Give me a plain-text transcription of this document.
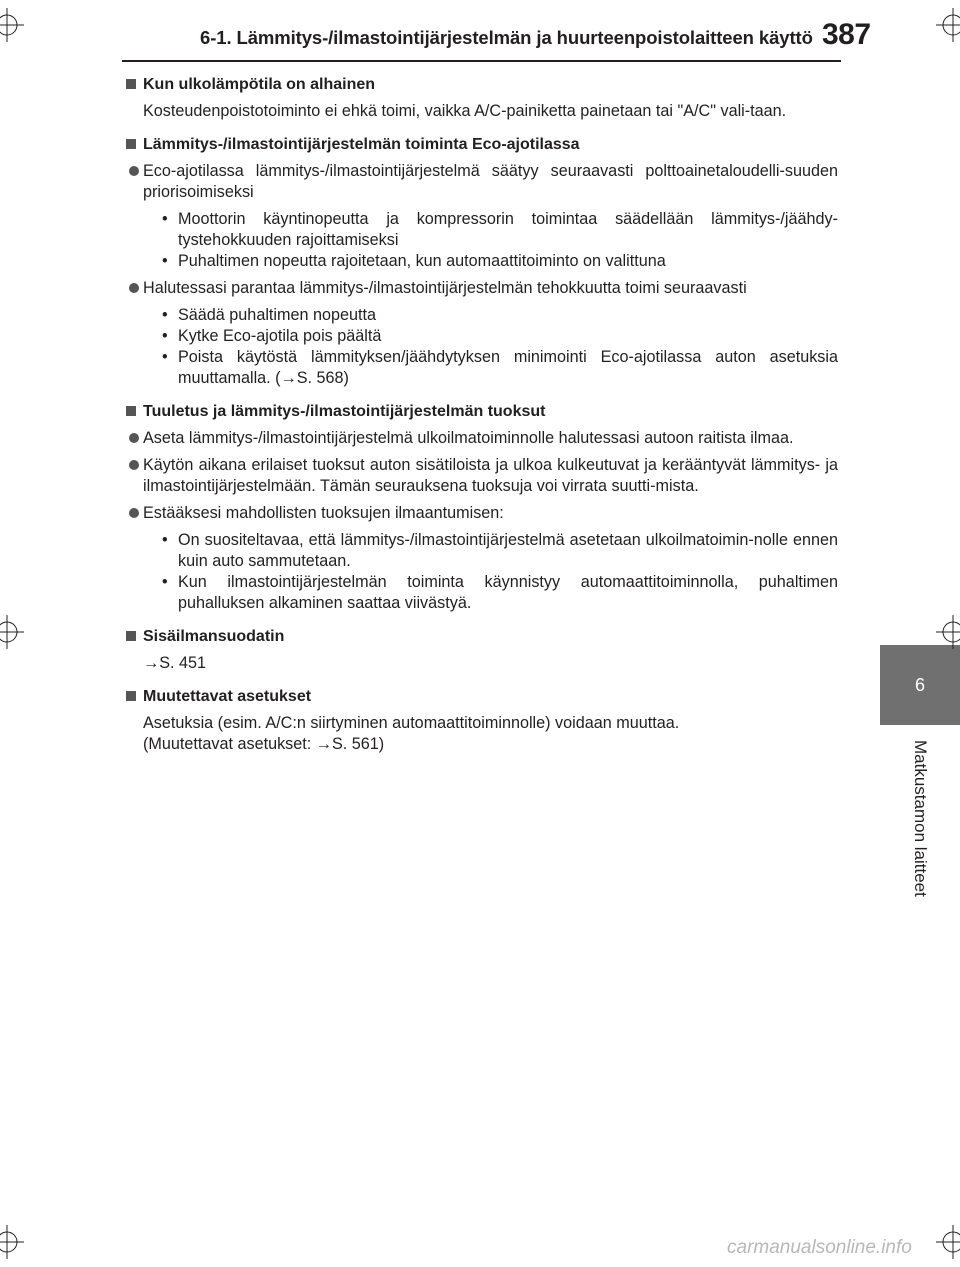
6-1. Lämmitys-/ilmastointijärjestelmän ja huurteenpoistolaitteen käyttö 387
6
Matkustamon laitteet
Kun ulkolämpötila on alhainen
Kosteudenpoistotoiminto ei ehkä toimi, vaikka A/C-painiketta painetaan tai "A/C" vali-taan.
Lämmitys-/ilmastointijärjestelmän toiminta Eco-ajotilassa
Eco-ajotilassa lämmitys-/ilmastointijärjestelmä säätyy seuraavasti polttoainetaloudelli-suuden priorisoimiseksi
• Moottorin käyntinopeutta ja kompressorin toimintaa säädellään lämmitys-/jäähdy-tystehokkuuden rajoittamiseksi
• Puhaltimen nopeutta rajoitetaan, kun automaattitoiminto on valittuna
Halutessasi parantaa lämmitys-/ilmastointijärjestelmän tehokkuutta toimi seuraavasti
• Säädä puhaltimen nopeutta
• Kytke Eco-ajotila pois päältä
• Poista käytöstä lämmityksen/jäähdytyksen minimointi Eco-ajotilassa auton asetuksia muuttamalla. (→S. 568)
Tuuletus ja lämmitys-/ilmastointijärjestelmän tuoksut
Aseta lämmitys-/ilmastointijärjestelmä ulkoilmatoiminnolle halutessasi autoon raitista ilmaa.
Käytön aikana erilaiset tuoksut auton sisätiloista ja ulkoa kulkeutuvat ja kerääntyvät lämmitys- ja ilmastointijärjestelmään. Tämän seurauksena tuoksuja voi virrata suutti-mista.
Estääksesi mahdollisten tuoksujen ilmaantumisen:
• On suositeltavaa, että lämmitys-/ilmastointijärjestelmä asetetaan ulkoilmatoimin-nolle ennen kuin auto sammutetaan.
• Kun ilmastointijärjestelmän toiminta käynnistyy automaattitoiminnolla, puhaltimen puhalluksen alkaminen saattaa viivästyä.
Sisäilmansuodatin
→S. 451
Muutettavat asetukset
Asetuksia (esim. A/C:n siirtyminen automaattitoiminnolle) voidaan muuttaa.
(Muutettavat asetukset: →S. 561)
carmanualsonline.info
